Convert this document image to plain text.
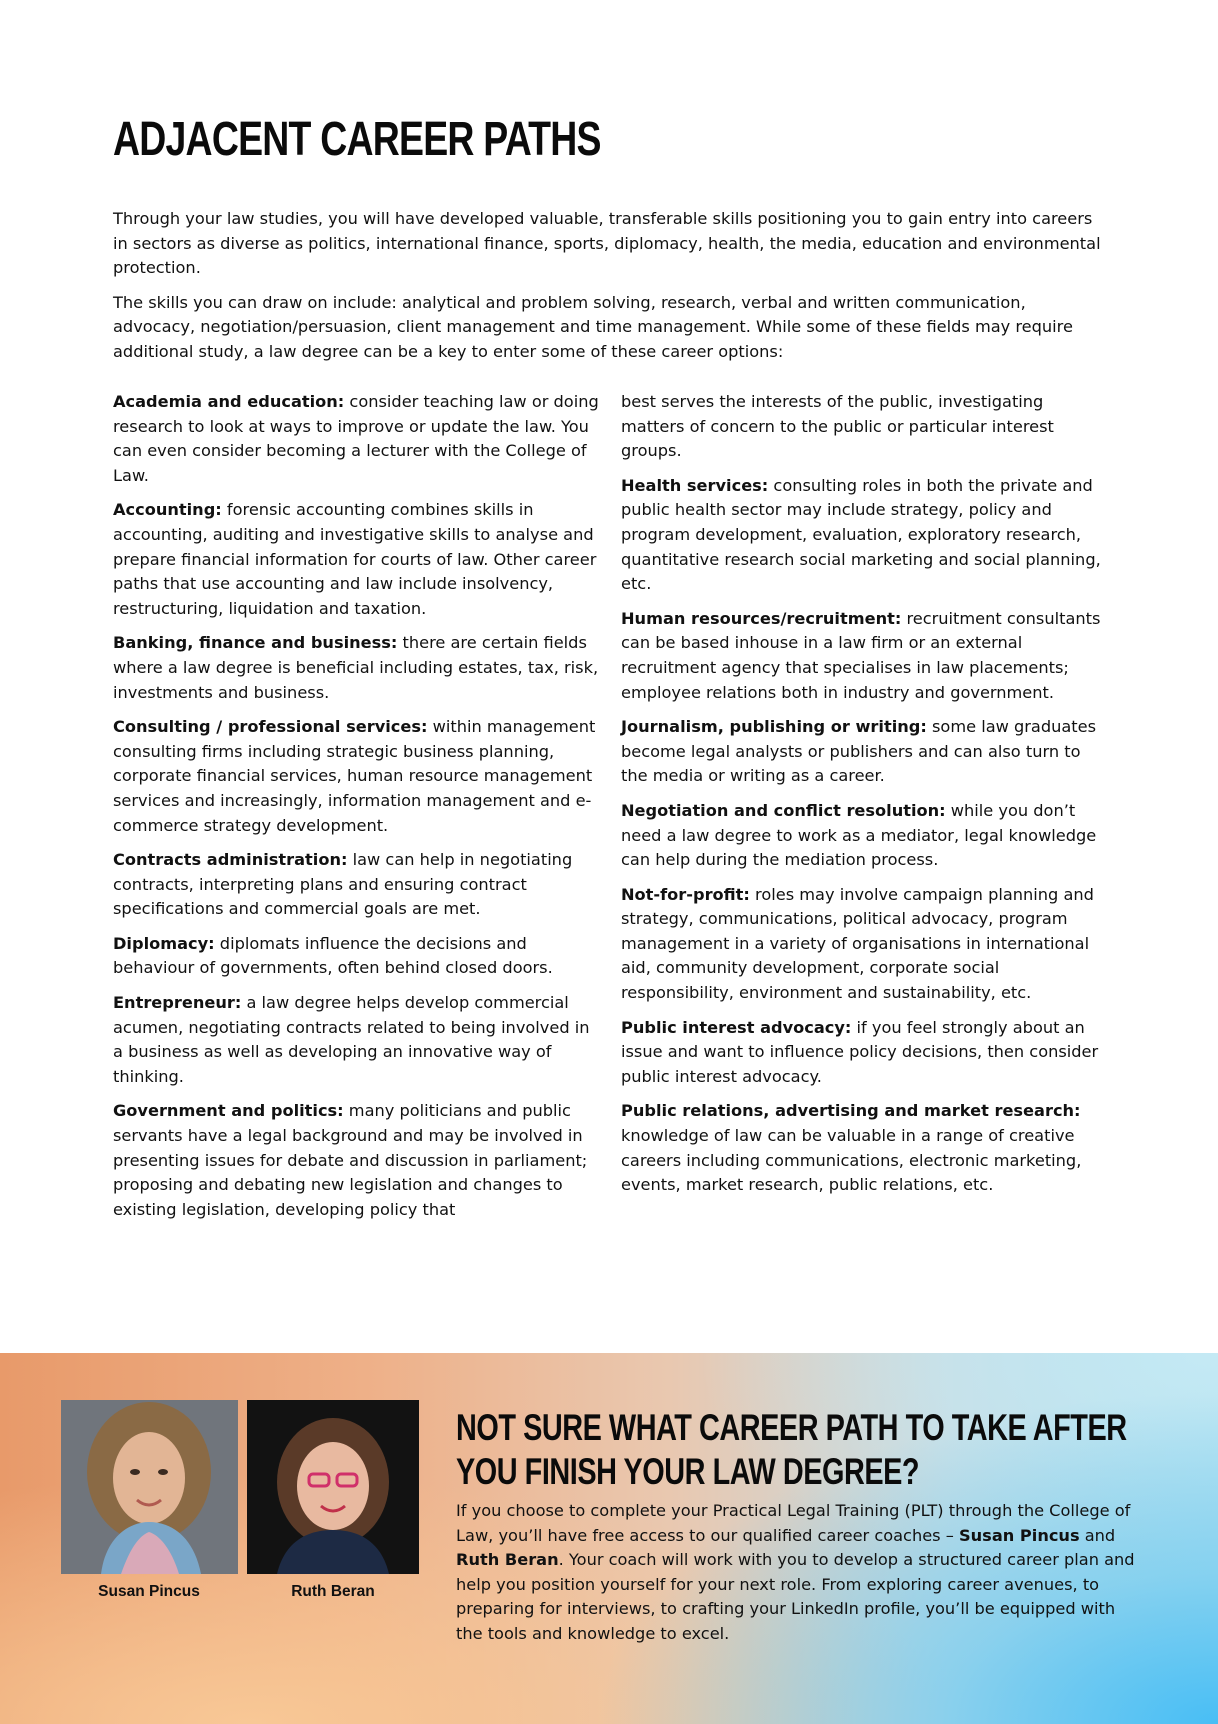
ADJACENT CAREER PATHS

Through your law studies, you will have developed valuable, transferable skills positioning you to gain entry into careers in sectors as diverse as politics, international finance, sports, diplomacy, health, the media, education and environmental protection.

The skills you can draw on include: analytical and problem solving, research, verbal and written communication, advocacy, negotiation/persuasion, client management and time management. While some of these fields may require additional study, a law degree can be a key to enter some of these career options:

Academia and education: consider teaching law or doing research to look at ways to improve or update the law. You can even consider becoming a lecturer with the College of Law.

Accounting: forensic accounting combines skills in accounting, auditing and investigative skills to analyse and prepare financial information for courts of law. Other career paths that use accounting and law include insolvency, restructuring, liquidation and taxation.

Banking, finance and business: there are certain fields where a law degree is beneficial including estates, tax, risk, investments and business.

Consulting / professional services: within management consulting firms including strategic business planning, corporate financial services, human resource management services and increasingly, information management and e-commerce strategy development.

Contracts administration: law can help in negotiating contracts, interpreting plans and ensuring contract specifications and commercial goals are met.

Diplomacy: diplomats influence the decisions and behaviour of governments, often behind closed doors.

Entrepreneur: a law degree helps develop commercial acumen, negotiating contracts related to being involved in a business as well as developing an innovative way of thinking.

Government and politics: many politicians and public servants have a legal background and may be involved in presenting issues for debate and discussion in parliament; proposing and debating new legislation and changes to existing legislation, developing policy that

best serves the interests of the public, investigating matters of concern to the public or particular interest groups.

Health services: consulting roles in both the private and public health sector may include strategy, policy and program development, evaluation, exploratory research, quantitative research social marketing and social planning, etc.

Human resources/recruitment: recruitment consultants can be based inhouse in a law firm or an external recruitment agency that specialises in law placements; employee relations both in industry and government.

Journalism, publishing or writing: some law graduates become legal analysts or publishers and can also turn to the media or writing as a career.

Negotiation and conflict resolution: while you don’t need a law degree to work as a mediator, legal knowledge can help during the mediation process.

Not-for-profit: roles may involve campaign planning and strategy, communications, political advocacy, program management in a variety of organisations in international aid, community development, corporate social responsibility, environment and sustainability, etc.

Public interest advocacy: if you feel strongly about an issue and want to influence policy decisions, then consider public interest advocacy.

Public relations, advertising and market research: knowledge of law can be valuable in a range of creative careers including communications, electronic marketing, events, market research, public relations, etc.

Susan Pincus	Ruth Beran
NOT SURE WHAT CAREER PATH TO TAKE AFTER YOU FINISH YOUR LAW DEGREE?

If you choose to complete your Practical Legal Training (PLT) through the College of Law, you’ll have free access to our qualified career coaches – Susan Pincus and Ruth Beran. Your coach will work with you to develop a structured career plan and help you position yourself for your next role. From exploring career avenues, to preparing for interviews, to crafting your LinkedIn profile, you’ll be equipped with the tools and knowledge to excel.
